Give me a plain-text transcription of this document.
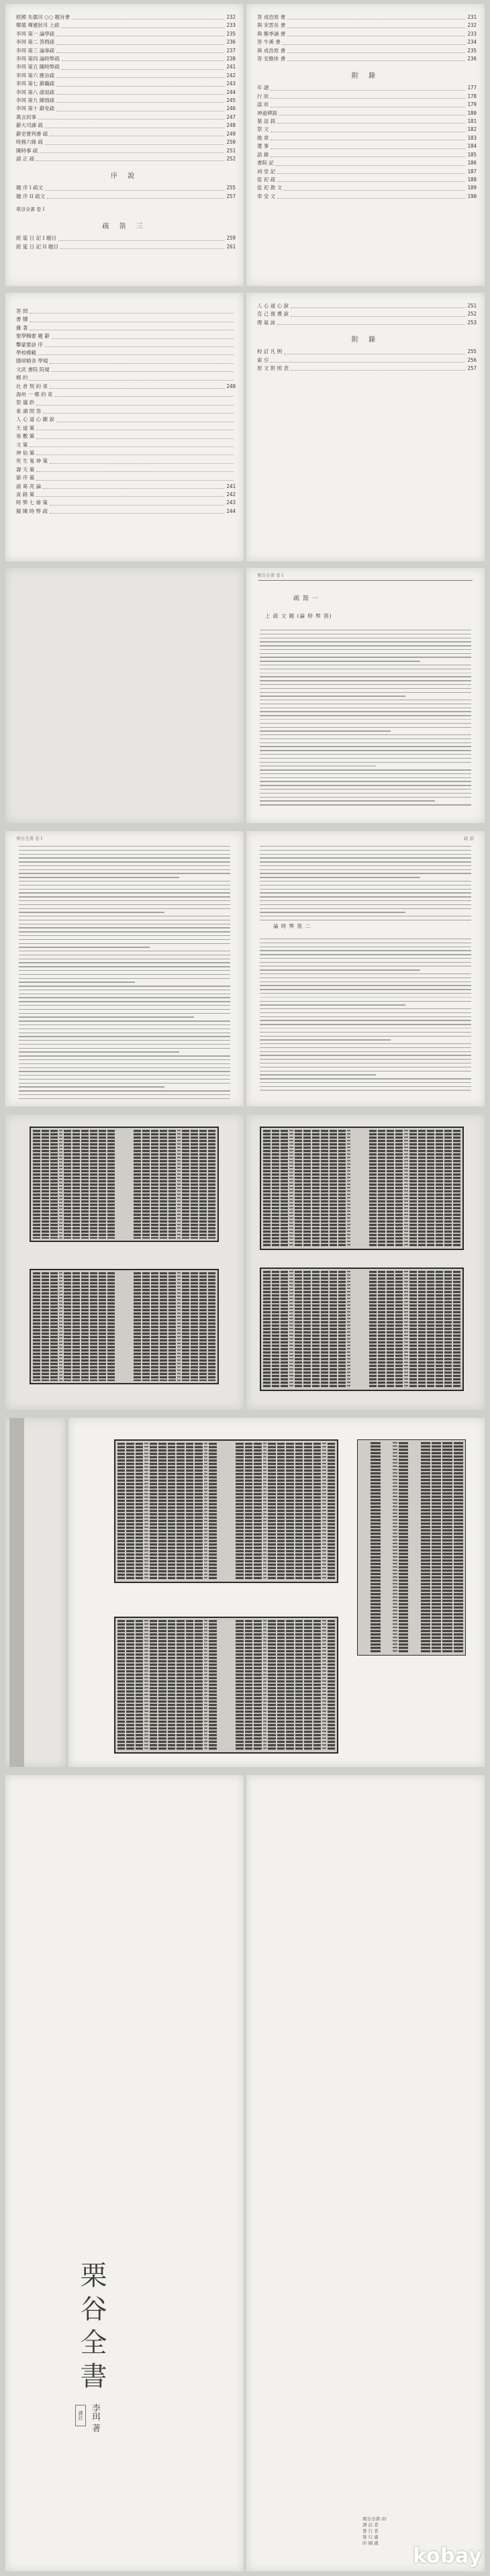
經國 先儒의 ○○ 題旨書	232
鄭德 禪遞狀의 上疏	233
李珥 第一 論學疏	235
李珥 第二 答問疏	236
李珥 第三 論事疏	237
李珥 第四 論時弊疏	238
李珥 第五 陳時弊疏	241
李珥 第六 應旨疏	242
李珥 第七 辭職疏	243
李珥 第八 請退疏	244
李珥 第九 陳情疏	245
李珥 第十 辭免疏	246
萬言封事	247
辭大司諫 疏	248
辭吏曹判書 疏	249
時務六條 疏	250
陳時事 疏	251
請 正 疏	252
序 說
題 序 I 疏文	255
題 序 II 疏文	257
栗谷全書 卷 I
疏 箚 三
經 筵 日 記 I 題目	259
經 筵 日 記 II 題目	261
答 成浩原 書	231
與 宋雲長 書	232
與 鄭季涵 書	233
答 牛溪 書	234
與 成浩原 書	235
答 安應休 書	236
附 錄
年 譜	177
行 狀	178
諡 狀	179
神道碑銘	180
墓 誌 銘	181
祭 文	182
挽 章	183
遺 事	184
語 錄	185
書院 記	186
祠 堂 記	187
從 祀 疏	188
從 祀 教 文	189
奉 安 文	190
答 問
書 牘
雜 著
聖學輯要 題 辭
擊蒙要訣 序
學校模範
隱屛精舍 學規
文武 書院 院規
鄕 約
社 倉 契 約 束	240
海州 一 鄕 約 束
祭 儀 鈔
東 湖 問 答
人 心 道 心 圖 說
天 道 策
易 數 策
文 策
神 仙 策
死 生 鬼 神 策
壽 夭 策
節 序 策
諸 葛 亮 論	241
貢 路 策	242
時 弊 七 條 策	243
擬 陳 時 弊 疏	244
人 心 道 心 說	251
克 己 復 禮 說	252
理 氣 詠	253
附 錄
校 訂 凡 例	255
索 引	256
原 文 對 照 表	257
栗谷全書 卷 I
疏 箚 一
上 疏 文 題 (論 時 弊 箚)
栗谷全書 卷 I	疏 箚
論 時 弊 箚 二
栗谷全書
譯註 李珥 著
栗谷全書 (I)
譯 註 者
發 行 者
發 行 處
印 刷 處
kobay
